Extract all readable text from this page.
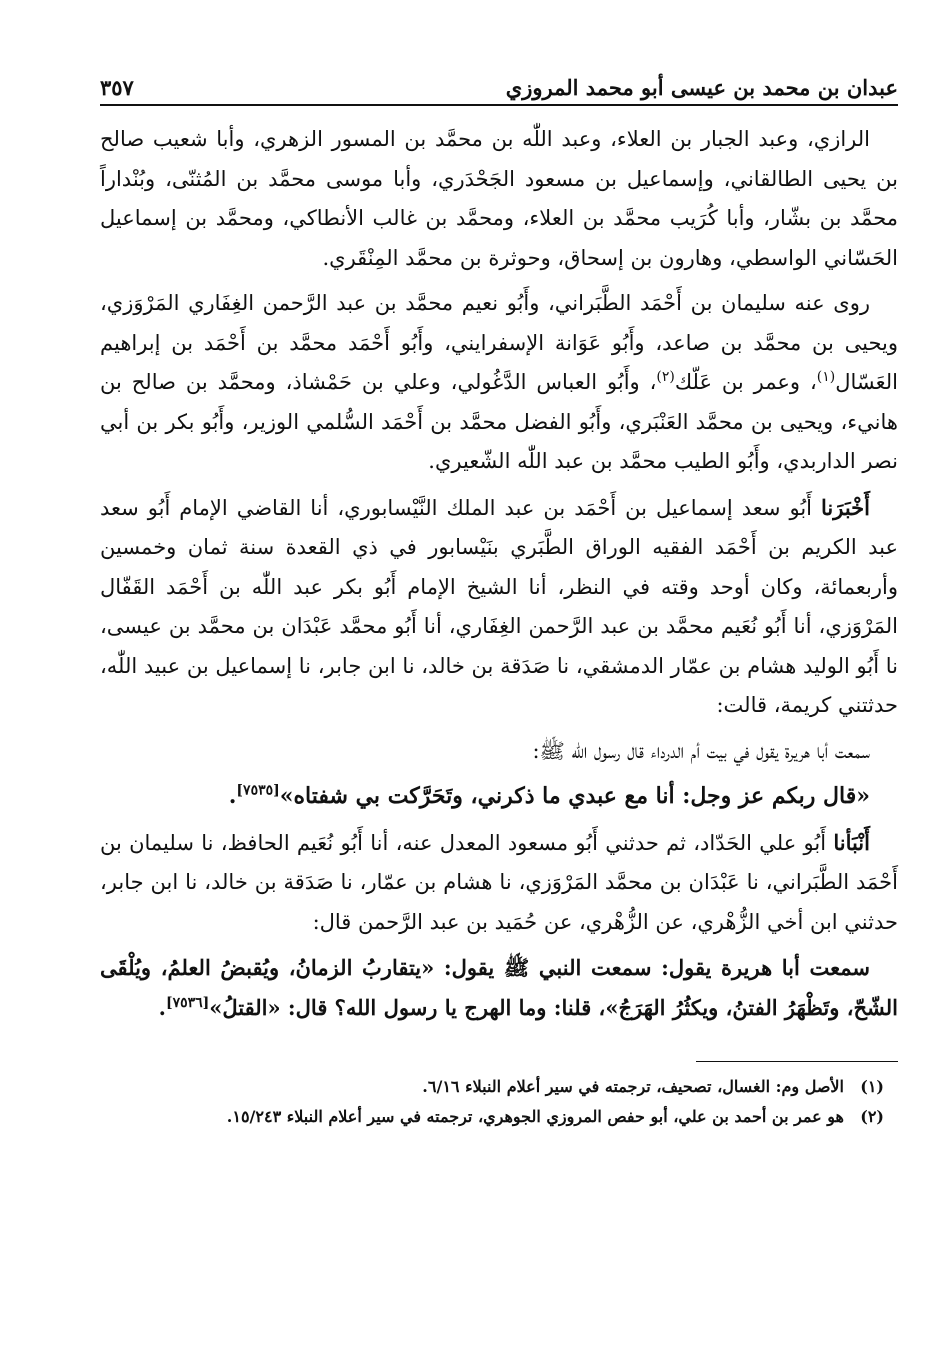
عبدان بن محمد بن عيسى أبو محمد المروزي
٣٥٧

الرازي، وعبد الجبار بن العلاء، وعبد اللّٰه بن محمَّد بن المسور الزهري، وأبا شعيب صالح بن يحيى الطالقاني، وإسماعيل بن مسعود الجَحْدَري، وأبا موسى محمَّد بن المُثنّى، وبُنْداراً محمَّد بن بشّار، وأبا كُرَيب محمَّد بن العلاء، ومحمَّد بن غالب الأنطاكي، ومحمَّد بن إسماعيل الحَسّاني الواسطي، وهارون بن إسحاق، وحوثرة بن محمَّد المِنْقَري.

روى عنه سليمان بن أَحْمَد الطَّبَراني، وأَبُو نعيم محمَّد بن عبد الرَّحمن الغِفَاري المَرْوَزي، ويحيى بن محمَّد بن صاعد، وأَبُو عَوَانة الإسفرايني، وأَبُو أَحْمَد محمَّد بن أَحْمَد بن إبراهيم العَسّال$^{(١)}$، وعمر بن عَلّك$^{(٢)}$، وأَبُو العباس الدَّغُولي، وعلي بن حَمْشاذ، ومحمَّد بن صالح بن هانيء، ويحيى بن محمَّد العَنْبَري، وأَبُو الفضل محمَّد بن أَحْمَد السُّلمي الوزير، وأَبُو بكر بن أبي نصر الداربدي، وأَبُو الطيب محمَّد بن عبد اللّٰه الشّعيري.

أَخْبَرَنا أَبُو سعد إسماعيل بن أَحْمَد بن عبد الملك النَّيْسابوري، أنا القاضي الإمام أَبُو سعد عبد الكريم بن أَحْمَد الفقيه الوراق الطَّبَري بنَيْسابور في ذي القعدة سنة ثمان وخمسين وأربعمائة، وكان أوحد وقته في النظر، أنا الشيخ الإمام أَبُو بكر عبد اللّٰه بن أَحْمَد القَفّال المَرْوَزي، أنا أَبُو نُعَيم محمَّد بن عبد الرَّحمن الغِفَاري، أنا أَبُو محمَّد عَبْدَان بن محمَّد بن عيسى، نا أَبُو الوليد هشام بن عمّار الدمشقي، نا صَدَقة بن خالد، نا ابن جابر، نا إسماعيل بن عبيد اللّٰه، حدثتني كريمة، قالت:

سمعت أبا هريرة يقول في بيت أم الدرداء قال رسول الله ﷺ:

«قال ربكم عز وجل: أنا مع عبدي ما ذكرني، وتَحَرَّكت بي شفتاه»[٧٥٣٥].

أَنْبَأنا أَبُو علي الحَدّاد، ثم حدثني أَبُو مسعود المعدل عنه، أنا أَبُو نُعَيم الحافظ، نا سليمان بن أَحْمَد الطَّبَراني، نا عَبْدَان بن محمَّد المَرْوَزي، نا هشام بن عمّار، نا صَدَقة بن خالد، نا ابن جابر، حدثني ابن أخي الزُّهْري، عن الزُّهْري، عن حُمَيد بن عبد الرَّحمن قال:

سمعت أبا هريرة يقول: سمعت النبي ﷺ يقول: «يتقاربُ الزمانُ، ويُقبضُ العلمُ، ويُلْقَى الشّحّ، وتَظْهَرُ الفتنُ، ويكثُرُ الهَرَجُ»، قلنا: وما الهرج يا رسول الله؟ قال: «القتلُ»[٧٥٣٦].

(١)
الأصل وم: الغسال، تصحيف، ترجمته في سير أعلام النبلاء ٦/١٦.
(٢)
هو عمر بن أحمد بن علي، أبو حفص المروزي الجوهري، ترجمته في سير أعلام النبلاء ١٥/٢٤٣.
